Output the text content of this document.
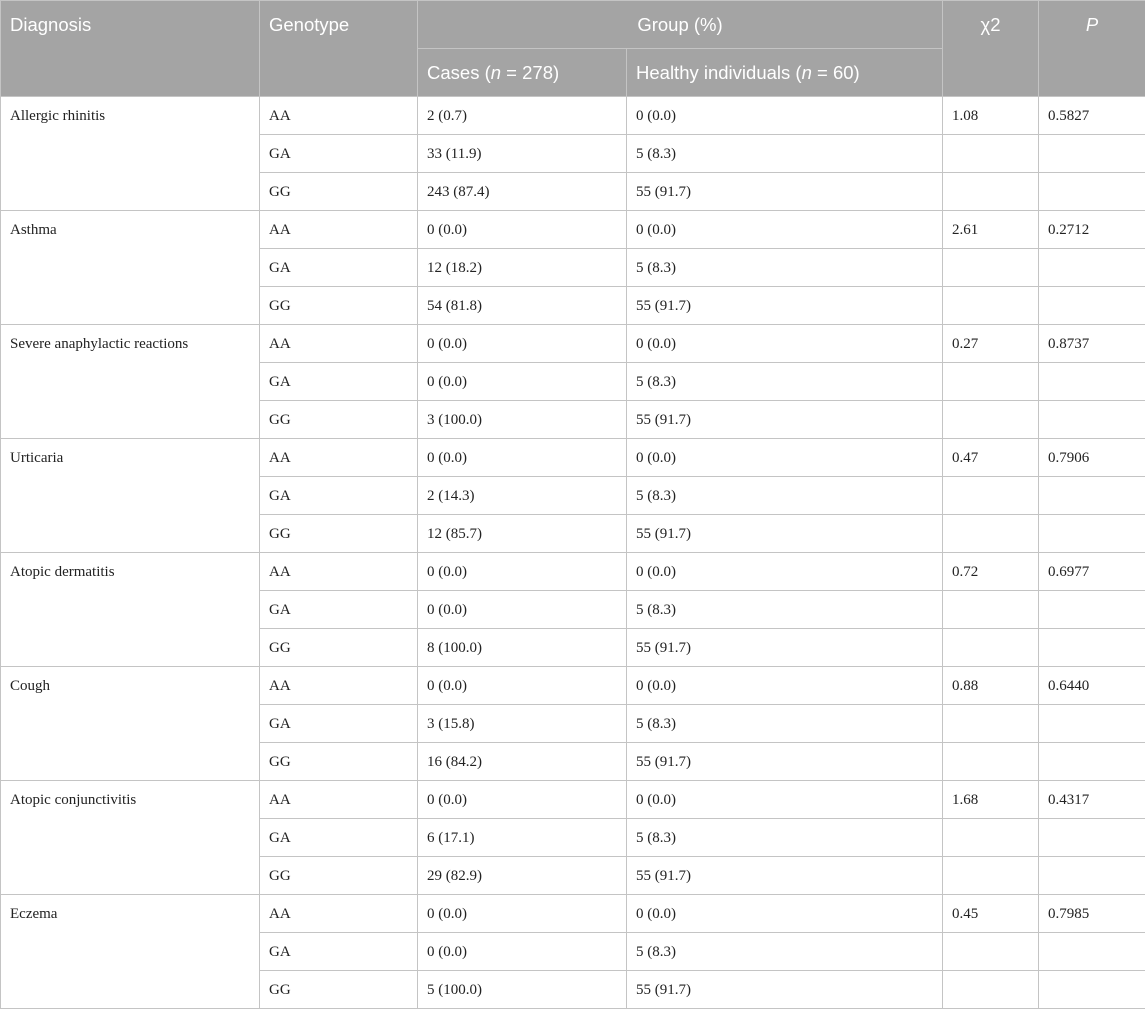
Diagnosis	Genotype	Group (%)		χ2	P
		Cases (n = 278)	Healthy individuals (n = 60)		
Allergic rhinitis	AA	2 (0.7)	0 (0.0)	1.08	0.5827
	GA	33 (11.9)	5 (8.3)		
	GG	243 (87.4)	55 (91.7)		
Asthma	AA	0 (0.0)	0 (0.0)	2.61	0.2712
	GA	12 (18.2)	5 (8.3)		
	GG	54 (81.8)	55 (91.7)		
Severe anaphylactic reactions	AA	0 (0.0)	0 (0.0)	0.27	0.8737
	GA	0 (0.0)	5 (8.3)		
	GG	3 (100.0)	55 (91.7)		
Urticaria	AA	0 (0.0)	0 (0.0)	0.47	0.7906
	GA	2 (14.3)	5 (8.3)		
	GG	12 (85.7)	55 (91.7)		
Atopic dermatitis	AA	0 (0.0)	0 (0.0)	0.72	0.6977
	GA	0 (0.0)	5 (8.3)		
	GG	8 (100.0)	55 (91.7)		
Cough	AA	0 (0.0)	0 (0.0)	0.88	0.6440
	GA	3 (15.8)	5 (8.3)		
	GG	16 (84.2)	55 (91.7)		
Atopic conjunctivitis	AA	0 (0.0)	0 (0.0)	1.68	0.4317
	GA	6 (17.1)	5 (8.3)		
	GG	29 (82.9)	55 (91.7)		
Eczema	AA	0 (0.0)	0 (0.0)	0.45	0.7985
	GA	0 (0.0)	5 (8.3)		
	GG	5 (100.0)	55 (91.7)		
